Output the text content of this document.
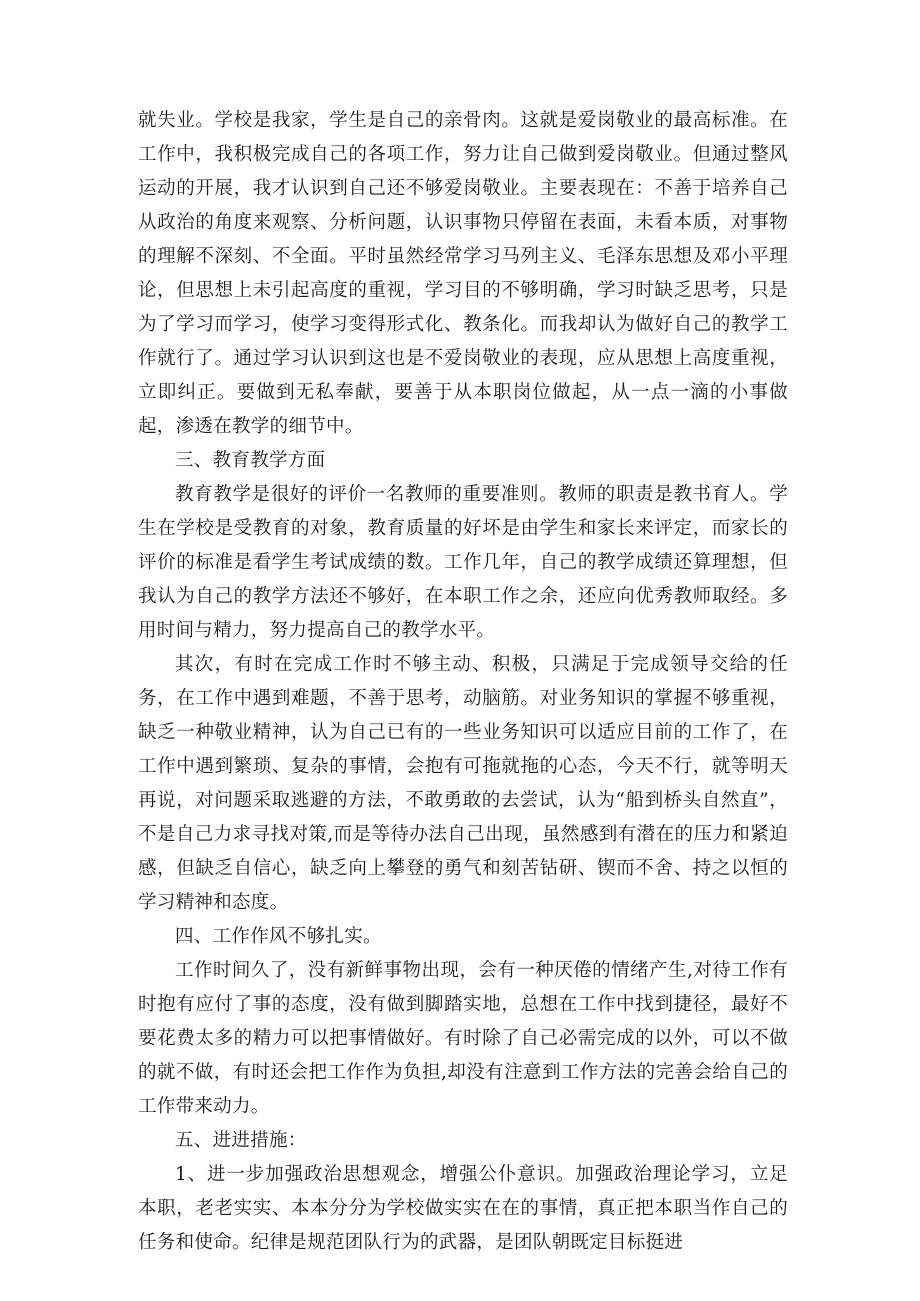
就失业。学校是我家，学生是自己的亲骨肉。这就是爱岗敬业的最高标准。在工作中，我积极完成自己的各项工作，努力让自己做到爱岗敬业。但通过整风运动的开展，我才认识到自己还不够爱岗敬业。主要表现在：不善于培养自己从政治的角度来观察、分析问题，认识事物只停留在表面，未看本质，对事物的理解不深刻、不全面。平时虽然经常学习马列主义、毛泽东思想及邓小平理论，但思想上未引起高度的重视，学习目的不够明确，学习时缺乏思考，只是为了学习而学习，使学习变得形式化、教条化。而我却认为做好自己的教学工作就行了。通过学习认识到这也是不爱岗敬业的表现，应从思想上高度重视，立即纠正。要做到无私奉献，要善于从本职岗位做起，从一点一滴的小事做起，渗透在教学的细节中。

三、教育教学方面

教育教学是很好的评价一名教师的重要准则。教师的职责是教书育人。学生在学校是受教育的对象，教育质量的好坏是由学生和家长来评定，而家长的评价的标准是看学生考试成绩的数。工作几年，自己的教学成绩还算理想，但我认为自己的教学方法还不够好，在本职工作之余，还应向优秀教师取经。多用时间与精力，努力提高自己的教学水平。

其次，有时在完成工作时不够主动、积极，只满足于完成领导交给的任务，在工作中遇到难题，不善于思考，动脑筋。对业务知识的掌握不够重视，缺乏一种敬业精神，认为自己已有的一些业务知识可以适应目前的工作了，在工作中遇到繁琐、复杂的事情，会抱有可拖就拖的心态，今天不行，就等明天再说，对问题采取逃避的方法，不敢勇敢的去尝试，认为“船到桥头自然直”，不是自己力求寻找对策,而是等待办法自己出现，虽然感到有潜在的压力和紧迫感，但缺乏自信心，缺乏向上攀登的勇气和刻苦钻研、锲而不舍、持之以恒的学习精神和态度。

四、工作作风不够扎实。

工作时间久了，没有新鲜事物出现，会有一种厌倦的情绪产生,对待工作有时抱有应付了事的态度，没有做到脚踏实地，总想在工作中找到捷径，最好不要花费太多的精力可以把事情做好。有时除了自己必需完成的以外，可以不做的就不做，有时还会把工作作为负担,却没有注意到工作方法的完善会给自己的工作带来动力。

五、进进措施：

1、进一步加强政治思想观念，增强公仆意识。加强政治理论学习，立足本职，老老实实、本本分分为学校做实实在在的事情，真正把本职当作自己的任务和使命。纪律是规范团队行为的武器，是团队朝既定目标挺进
